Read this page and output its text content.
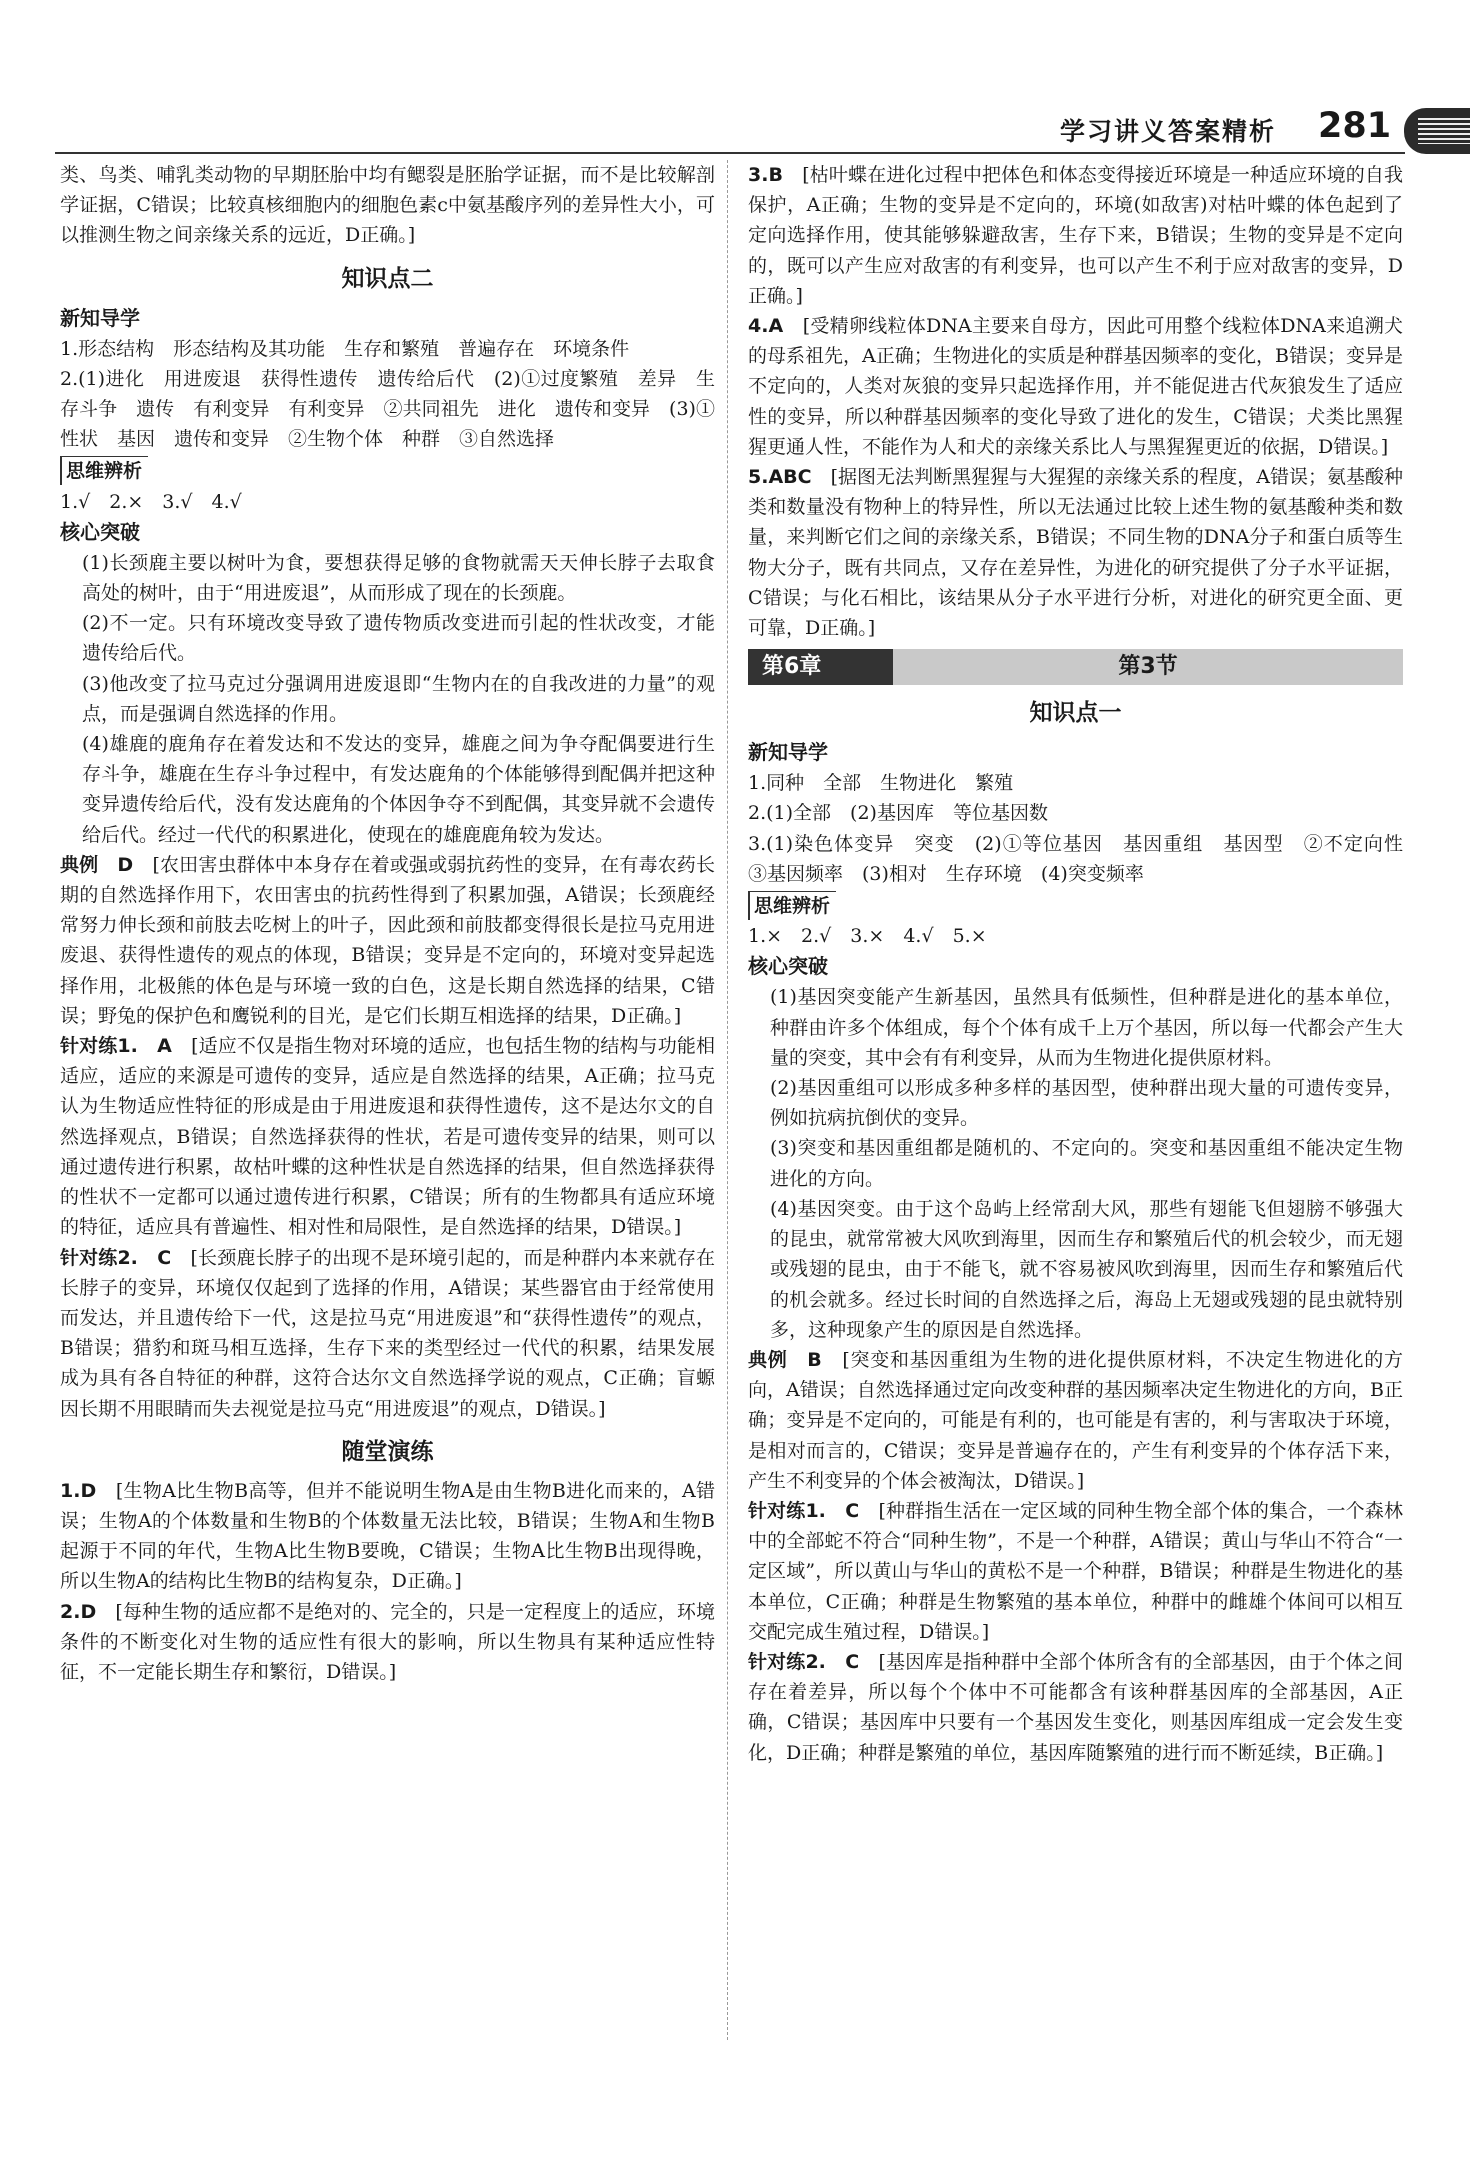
学习讲义答案精析 281

类、鸟类、哺乳类动物的早期胚胎中均有鳃裂是胚胎学证据，而不是比较解剖学证据，C错误；比较真核细胞内的细胞色素c中氨基酸序列的差异性大小，可以推测生物之间亲缘关系的远近，D正确。]

知识点二
新知导学

1.形态结构　形态结构及其功能　生存和繁殖　普遍存在　环境条件

2.(1)进化　用进废退　获得性遗传　遗传给后代　(2)①过度繁殖　差异　生存斗争　遗传　有利变异　有利变异　②共同祖先　进化　遗传和变异　(3)①性状　基因　遗传和变异　②生物个体　种群　③自然选择

思维辨析

1.√　2.×　3.√　4.√

核心突破

(1)长颈鹿主要以树叶为食，要想获得足够的食物就需天天伸长脖子去取食高处的树叶，由于“用进废退”，从而形成了现在的长颈鹿。

(2)不一定。只有环境改变导致了遗传物质改变进而引起的性状改变，才能遗传给后代。

(3)他改变了拉马克过分强调用进废退即“生物内在的自我改进的力量”的观点，而是强调自然选择的作用。

(4)雄鹿的鹿角存在着发达和不发达的变异，雄鹿之间为争夺配偶要进行生存斗争，雄鹿在生存斗争过程中，有发达鹿角的个体能够得到配偶并把这种变异遗传给后代，没有发达鹿角的个体因争夺不到配偶，其变异就不会遗传给后代。经过一代代的积累进化，使现在的雄鹿鹿角较为发达。

典例　 D　 [农田害虫群体中本身存在着或强或弱抗药性的变异，在有毒农药长期的自然选择作用下，农田害虫的抗药性得到了积累加强，A错误；长颈鹿经常努力伸长颈和前肢去吃树上的叶子，因此颈和前肢都变得很长是拉马克用进废退、获得性遗传的观点的体现，B错误；变异是不定向的，环境对变异起选择作用，北极熊的体色是与环境一致的白色，这是长期自然选择的结果，C错误；野兔的保护色和鹰锐利的目光，是它们长期互相选择的结果，D正确。]

针对练1.　 A　 [适应不仅是指生物对环境的适应，也包括生物的结构与功能相适应，适应的来源是可遗传的变异，适应是自然选择的结果，A正确；拉马克认为生物适应性特征的形成是由于用进废退和获得性遗传，这不是达尔文的自然选择观点，B错误；自然选择获得的性状，若是可遗传变异的结果，则可以通过遗传进行积累，故枯叶蝶的这种性状是自然选择的结果，但自然选择获得的性状不一定都可以通过遗传进行积累，C错误；所有的生物都具有适应环境的特征，适应具有普遍性、相对性和局限性，是自然选择的结果，D错误。]

针对练2.　 C　 [长颈鹿长脖子的出现不是环境引起的，而是种群内本来就存在长脖子的变异，环境仅仅起到了选择的作用，A错误；某些器官由于经常使用而发达，并且遗传给下一代，这是拉马克“用进废退”和“获得性遗传”的观点，B错误；猎豹和斑马相互选择，生存下来的类型经过一代代的积累，结果发展成为具有各自特征的种群，这符合达尔文自然选择学说的观点，C正确；盲螈因长期不用眼睛而失去视觉是拉马克“用进废退”的观点，D错误。]

随堂演练

1.D　 [生物A比生物B高等，但并不能说明生物A是由生物B进化而来的，A错误；生物A的个体数量和生物B的个体数量无法比较，B错误；生物A和生物B起源于不同的年代，生物A比生物B要晚，C错误；生物A比生物B出现得晚，所以生物A的结构比生物B的结构复杂，D正确。]

2.D　 [每种生物的适应都不是绝对的、完全的，只是一定程度上的适应，环境条件的不断变化对生物的适应性有很大的影响，所以生物具有某种适应性特征，不一定能长期生存和繁衍，D错误。]

3.B　 [枯叶蝶在进化过程中把体色和体态变得接近环境是一种适应环境的自我保护，A正确；生物的变异是不定向的，环境(如敌害)对枯叶蝶的体色起到了定向选择作用，使其能够躲避敌害，生存下来，B错误；生物的变异是不定向的，既可以产生应对敌害的有利变异，也可以产生不利于应对敌害的变异，D正确。]

4.A　 [受精卵线粒体DNA主要来自母方，因此可用整个线粒体DNA来追溯犬的母系祖先，A正确；生物进化的实质是种群基因频率的变化，B错误；变异是不定向的，人类对灰狼的变异只起选择作用，并不能促进古代灰狼发生了适应性的变异，所以种群基因频率的变化导致了进化的发生，C错误；犬类比黑猩猩更通人性，不能作为人和犬的亲缘关系比人与黑猩猩更近的依据，D错误。]

5.ABC　 [据图无法判断黑猩猩与大猩猩的亲缘关系的程度，A错误；氨基酸种类和数量没有物种上的特异性，所以无法通过比较上述生物的氨基酸种类和数量，来判断它们之间的亲缘关系，B错误；不同生物的DNA分子和蛋白质等生物大分子，既有共同点，又存在差异性，为进化的研究提供了分子水平证据，C错误；与化石相比，该结果从分子水平进行分析，对进化的研究更全面、更可靠，D正确。]

第6章	第3节
知识点一
新知导学

1.同种　全部　生物进化　繁殖

2.(1)全部　(2)基因库　等位基因数

3.(1)染色体变异　突变　(2)①等位基因　基因重组　基因型　②不定向性　③基因频率　(3)相对　生存环境　(4)突变频率

思维辨析

1.×　2.√　3.×　4.√　5.×

核心突破

(1)基因突变能产生新基因，虽然具有低频性，但种群是进化的基本单位，种群由许多个体组成，每个个体有成千上万个基因，所以每一代都会产生大量的突变，其中会有有利变异，从而为生物进化提供原材料。

(2)基因重组可以形成多种多样的基因型，使种群出现大量的可遗传变异，例如抗病抗倒伏的变异。

(3)突变和基因重组都是随机的、不定向的。突变和基因重组不能决定生物进化的方向。

(4)基因突变。由于这个岛屿上经常刮大风，那些有翅能飞但翅膀不够强大的昆虫，就常常被大风吹到海里，因而生存和繁殖后代的机会较少，而无翅或残翅的昆虫，由于不能飞，就不容易被风吹到海里，因而生存和繁殖后代的机会就多。经过长时间的自然选择之后，海岛上无翅或残翅的昆虫就特别多，这种现象产生的原因是自然选择。

典例　 B　 [突变和基因重组为生物的进化提供原材料，不决定生物进化的方向，A错误；自然选择通过定向改变种群的基因频率决定生物进化的方向，B正确；变异是不定向的，可能是有利的，也可能是有害的，利与害取决于环境，是相对而言的，C错误；变异是普遍存在的，产生有利变异的个体存活下来，产生不利变异的个体会被淘汰，D错误。]

针对练1.　 C　 [种群指生活在一定区域的同种生物全部个体的集合，一个森林中的全部蛇不符合“同种生物”，不是一个种群，A错误；黄山与华山不符合“一定区域”，所以黄山与华山的黄松不是一个种群，B错误；种群是生物进化的基本单位，C正确；种群是生物繁殖的基本单位，种群中的雌雄个体间可以相互交配完成生殖过程，D错误。]

针对练2.　 C　 [基因库是指种群中全部个体所含有的全部基因，由于个体之间存在着差异，所以每个个体中不可能都含有该种群基因库的全部基因，A正确，C错误；基因库中只要有一个基因发生变化，则基因库组成一定会发生变化，D正确；种群是繁殖的单位，基因库随繁殖的进行而不断延续，B正确。]
